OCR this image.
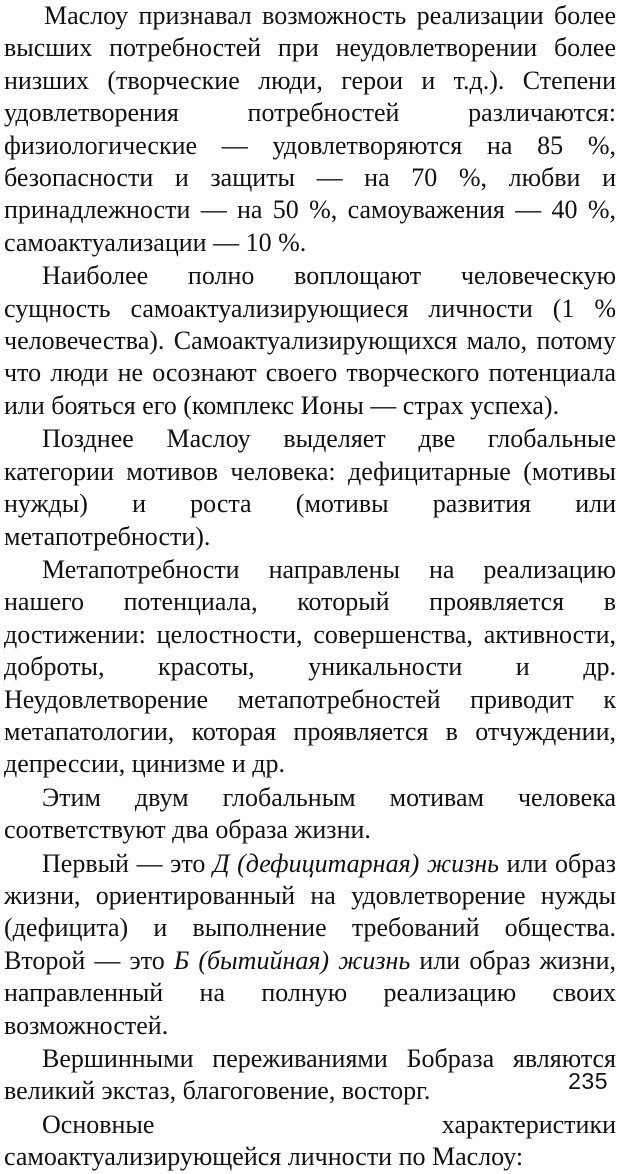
Маслоу признавал возможность реализации более высших потребностей при неудовлетворении более низших (творческие люди, герои и т.д.). Степени удовлетворения потребностей различаются: физиологические — удовлетворяются на 85 %, безопасности и защиты — на 70 %, любви и принадлежности — на 50 %, самоуважения — 40 %, самоактуализации — 10 %.

Наиболее полно воплощают человеческую сущность самоактуализирующиеся личности (1 % человечества). Самоактуализирующихся мало, потому что люди не осознают своего творческого потенциала или бояться его (комплекс Ионы — страх успеха).

Позднее Маслоу выделяет две глобальные категории мотивов человека: дефицитарные (мотивы нужды) и роста (мотивы развития или метапотребности).

Метапотребности направлены на реализацию нашего потенциала, который проявляется в достижении: целостности, совершенства, активности, доброты, красоты, уникальности и др. Неудовлетворение метапотребностей приводит к метапатологии, которая проявляется в отчуждении, депрессии, цинизме и др.

Этим двум глобальным мотивам человека соответствуют два образа жизни.

Первый — это Д (дефицитарная) жизнь или образ жизни, ориентированный на удовлетворение нужды (дефицита) и выполнение требований общества. Второй — это Б (бытийная) жизнь или образ жизни, направленный на полную реализацию своих возможностей.

Вершинными переживаниями Бобраза являются великий экстаз, благоговение, восторг.

Основные характеристики самоактуализирующейся личности по Маслоу:

235
